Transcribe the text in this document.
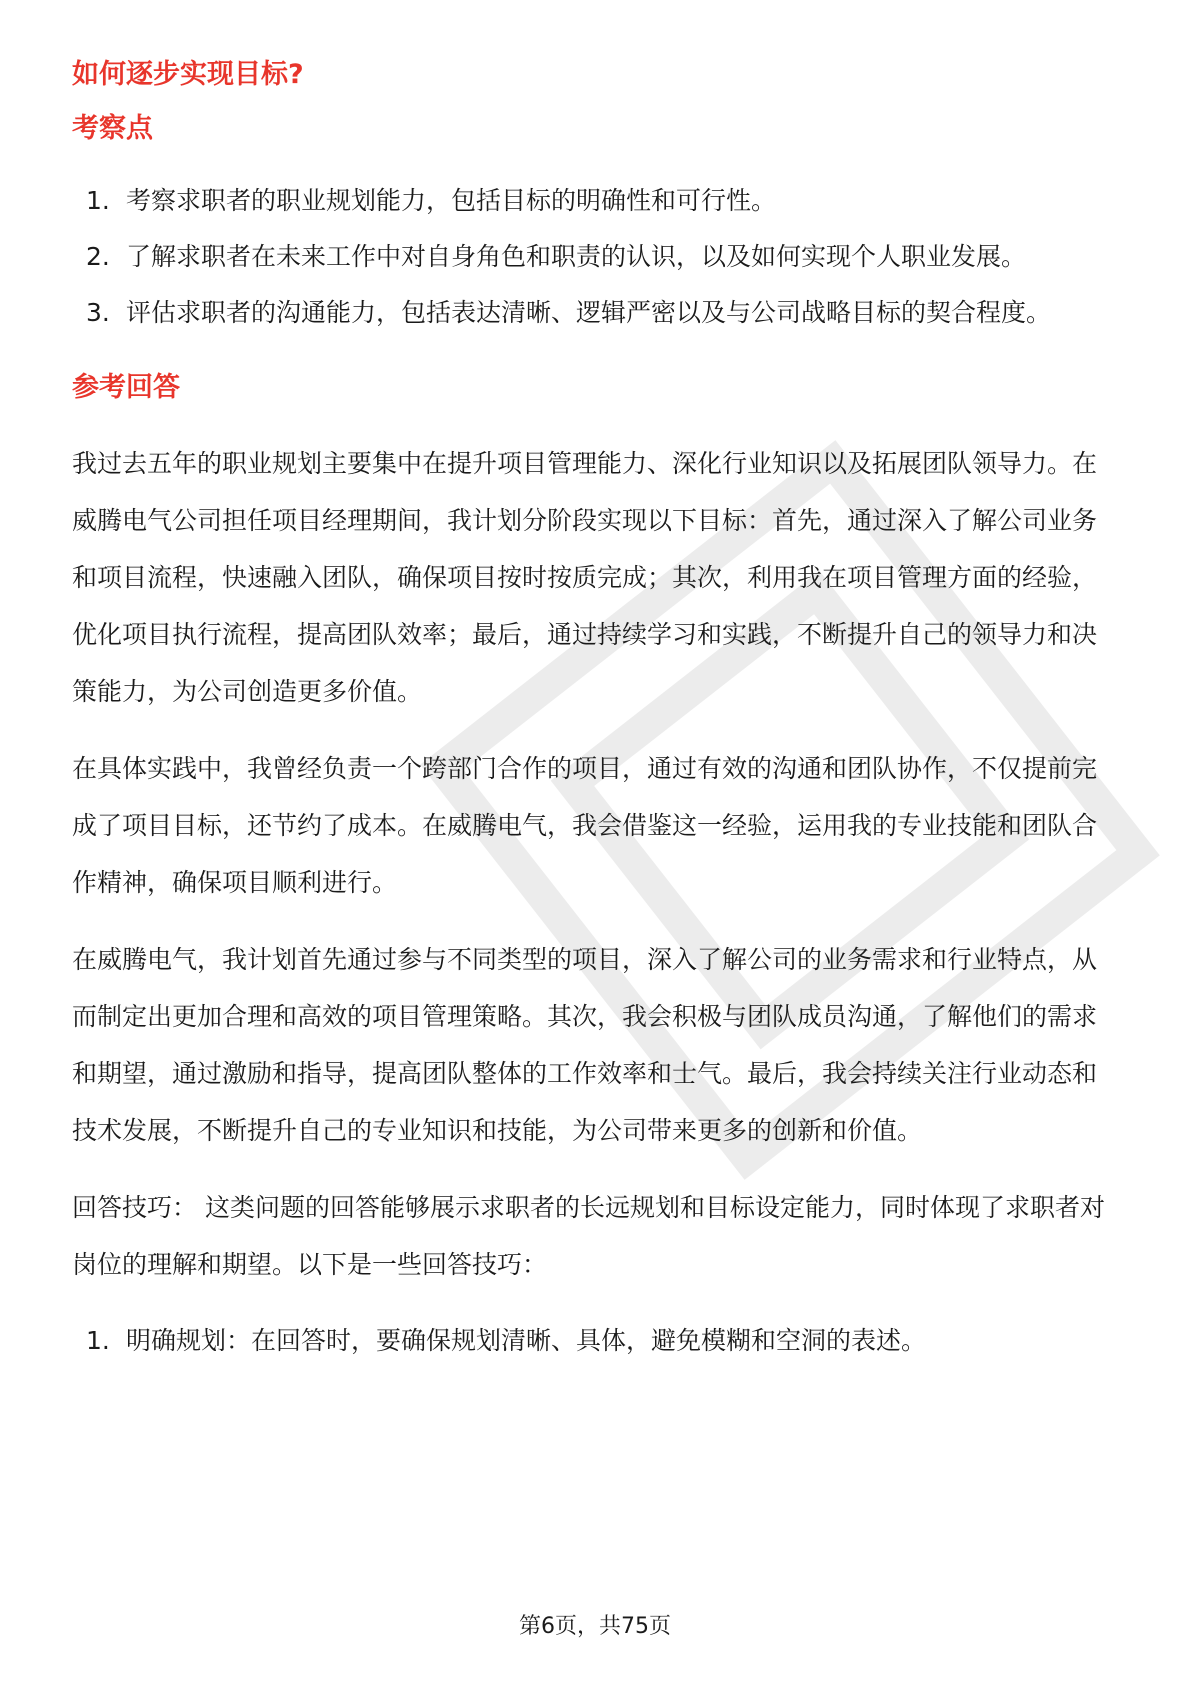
如何逐步实现目标?
考察点
1. 考察求职者的职业规划能力，包括目标的明确性和可行性。
2. 了解求职者在未来工作中对自身角色和职责的认识，以及如何实现个人职业发展。
3. 评估求职者的沟通能力，包括表达清晰、逻辑严密以及与公司战略目标的契合程度。
参考回答

我过去五年的职业规划主要集中在提升项目管理能力、深化行业知识以及拓展团队领导力。在威腾电气公司担任项目经理期间，我计划分阶段实现以下目标：首先，通过深入了解公司业务和项目流程，快速融入团队，确保项目按时按质完成；其次，利用我在项目管理方面的经验，优化项目执行流程，提高团队效率；最后，通过持续学习和实践，不断提升自己的领导力和决策能力，为公司创造更多价值。

在具体实践中，我曾经负责一个跨部门合作的项目，通过有效的沟通和团队协作，不仅提前完成了项目目标，还节约了成本。在威腾电气，我会借鉴这一经验，运用我的专业技能和团队合作精神，确保项目顺利进行。

在威腾电气，我计划首先通过参与不同类型的项目，深入了解公司的业务需求和行业特点，从而制定出更加合理和高效的项目管理策略。其次，我会积极与团队成员沟通，了解他们的需求和期望，通过激励和指导，提高团队整体的工作效率和士气。最后，我会持续关注行业动态和技术发展，不断提升自己的专业知识和技能，为公司带来更多的创新和价值。

回答技巧： 这类问题的回答能够展示求职者的长远规划和目标设定能力，同时体现了求职者对岗位的理解和期望。以下是一些回答技巧：

1. 明确规划：在回答时，要确保规划清晰、具体，避免模糊和空洞的表述。
第6页，共75页
